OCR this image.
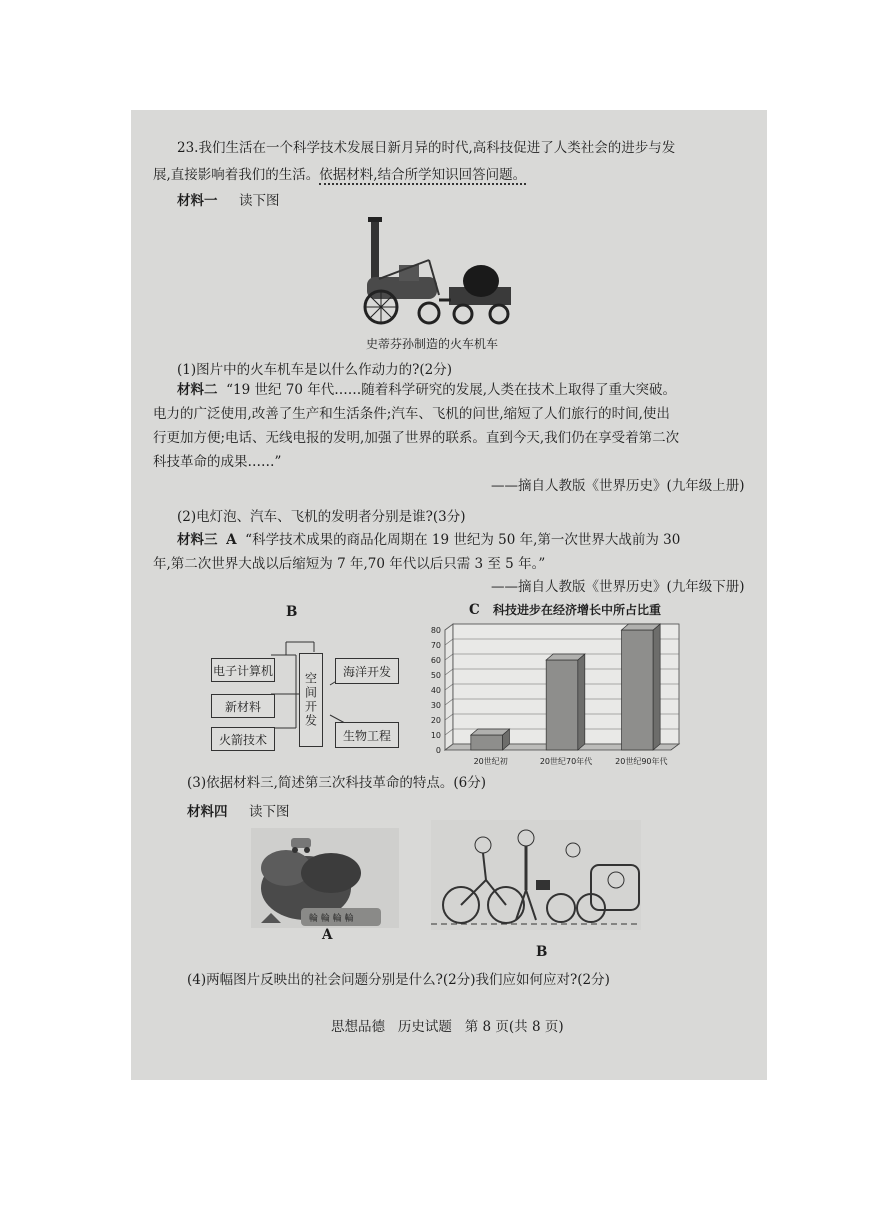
23.我们生活在一个科学技术发展日新月异的时代,高科技促进了人类社会的进步与发
展,直接影响着我们的生活。依据材料,结合所学知识回答问题。
材料一 读下图
史蒂芬孙制造的火车机车
(1)图片中的火车机车是以什么作动力的?(2分)
材料二 “19 世纪 70 年代……随着科学研究的发展,人类在技术上取得了重大突破。
电力的广泛使用,改善了生产和生活条件;汽车、飞机的问世,缩短了人们旅行的时间,使出
行更加方便;电话、无线电报的发明,加强了世界的联系。直到今天,我们仍在享受着第二次
科技革命的成果……”
——摘自人教版《世界历史》(九年级上册)
(2)电灯泡、汽车、飞机的发明者分别是谁?(3分)
材料三 A “科学技术成果的商品化周期在 19 世纪为 50 年,第一次世界大战前为 30
年,第二次世界大战以后缩短为 7 年,70 年代以后只需 3 至 5 年。”
——摘自人教版《世界历史》(九年级下册)
B
电子计算机
新材料
火箭技术
空间开发
海洋开发
生物工程
C 科技进步在经济增长中所占比重
0
10
20
30
40
50
60
70
80
20世纪初	20世纪70年代	20世纪90年代
(3)依据材料三,简述第三次科技革命的特点。(6分)
材料四 读下图
輪 輪 輪 輪
A
B
(4)两幅图片反映出的社会问题分别是什么?(2分)我们应如何应对?(2分)
思想品德   历史试题   第 8 页(共 8 页)
